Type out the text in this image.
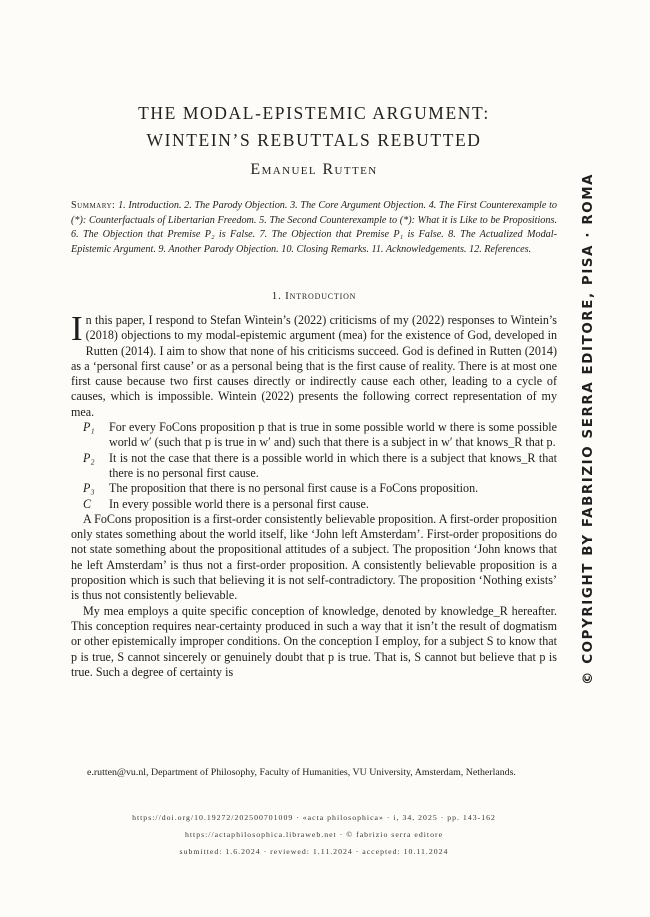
THE MODAL-EPISTEMIC ARGUMENT:
WINTEIN’S REBUTTALS REBUTTED
Emanuel Rutten
Summary: 1. Introduction. 2. The Parody Objection. 3. The Core Argument Objection. 4. The First Counterexample to (*): Counterfactuals of Libertarian Freedom. 5. The Second Counterexample to (*): What it is Like to be Propositions. 6. The Objection that Premise P₂ is False. 7. The Objection that Premise P₁ is False. 8. The Actualized Modal-Epistemic Argument. 9. Another Parody Objection. 10. Closing Remarks. 11. Acknowledgements. 12. References.
1. Introduction

In this paper, I respond to Stefan Wintein’s (2022) criticisms of my (2022) responses to Wintein’s (2018) objections to my modal-epistemic argument (mea) for the existence of God, developed in Rutten (2014). I aim to show that none of his criticisms succeed. God is defined in Rutten (2014) as a ‘personal first cause’ or as a personal being that is the first cause of reality. There is at most one first cause because two first causes directly or indirectly cause each other, leading to a cycle of causes, which is impossible. Wintein (2022) presents the following correct representation of my mea.

P₁	For every FoCons proposition p that is true in some possible world w there is some possible world w′ (such that p is true in w′ and) such that there is a subject in w′ that knows_R that p.
P₂	It is not the case that there is a possible world in which there is a subject that knows_R that there is no personal first cause.
P₃	The proposition that there is no personal first cause is a FoCons proposition.
C	In every possible world there is a personal first cause.

A FoCons proposition is a first-order consistently believable proposition. A first-order proposition only states something about the world itself, like ‘John left Amsterdam’. First-order propositions do not state something about the propositional attitudes of a subject. The proposition ‘John knows that he left Amsterdam’ is thus not a first-order proposition. A consistently believable proposition is a proposition which is such that believing it is not self-contradictory. The proposition ‘Nothing exists’ is thus not consistently believable.

My mea employs a quite specific conception of knowledge, denoted by knowledge_R hereafter. This conception requires near-certainty produced in such a way that it isn’t the result of dogmatism or other epistemically improper conditions. On the conception I employ, for a subject S to know that p is true, S cannot sincerely or genuinely doubt that p is true. That is, S cannot but believe that p is true. Such a degree of certainty is

e.rutten@vu.nl, Department of Philosophy, Faculty of Humanities, VU University, Amsterdam, Netherlands.
https://doi.org/10.19272/202500701009 · «acta philosophica» · i, 34, 2025 · pp. 143-162
https://actaphilosophica.libraweb.net · © fabrizio serra editore
submitted: 1.6.2024 · reviewed: 1.11.2024 · accepted: 10.11.2024
© COPYRIGHT BY FABRIZIO SERRA EDITORE, PISA · ROMA
